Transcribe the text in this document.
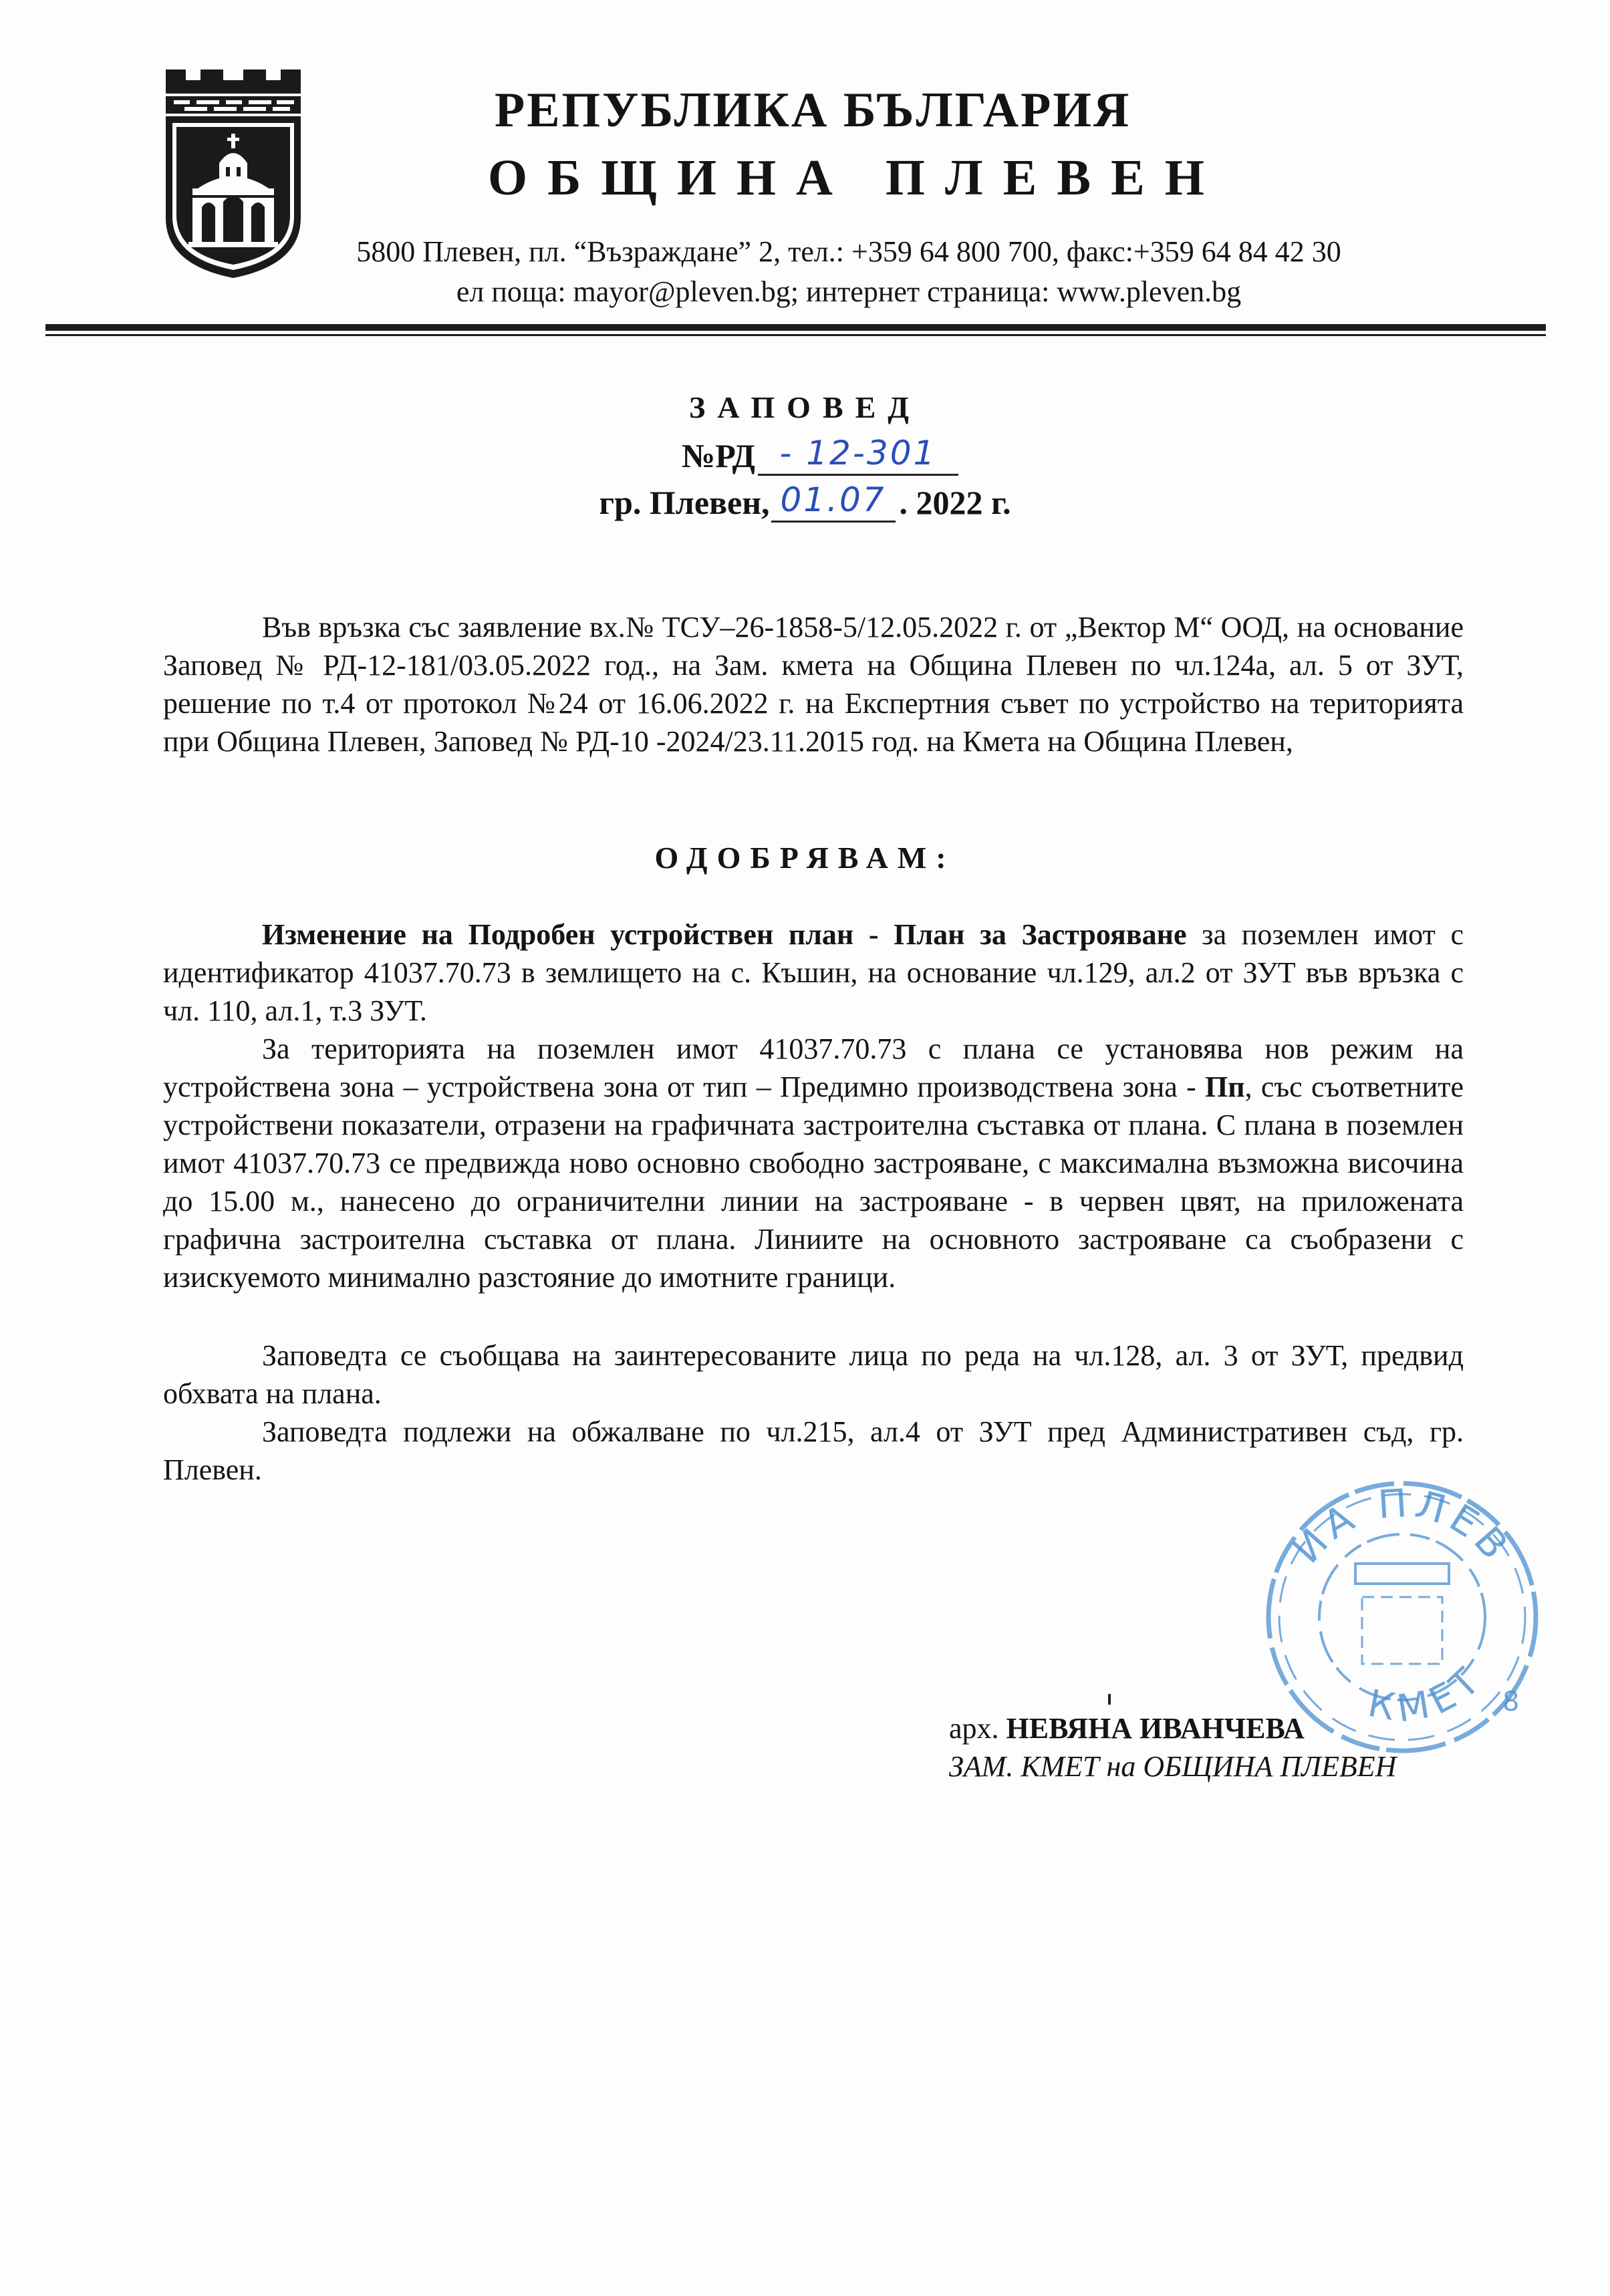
РЕПУБЛИКА БЪЛГАРИЯ
ОБЩИНА ПЛЕВЕН
5800 Плевен, пл. “Възраждане” 2, тел.: +359 64 800 700, факс:+359 64 84 42 30
ел поща: mayor@pleven.bg; интернет страница: www.pleven.bg
ЗАПОВЕД
№РД - 12-301
гр. Плевен, 01.07 . 2022 г.
Във връзка със заявление вх.№ ТСУ–26-1858-5/12.05.2022 г. от „Вектор М“ ООД, на основание Заповед № РД-12-181/03.05.2022 год., на Зам. кмета на Община Плевен по чл.124а, ал. 5 от ЗУТ, решение по т.4 от протокол №24 от 16.06.2022 г. на Експертния съвет по устройство на територията при Община Плевен, Заповед № РД-10 -2024/23.11.2015 год. на Кмета на Община Плевен,
ОДОБРЯВАМ:
Изменение на Подробен устройствен план - План за Застрояване за поземлен имот с идентификатор 41037.70.73 в землището на с. Къшин, на основание чл.129, ал.2 от ЗУТ във връзка с чл. 110, ал.1, т.3 ЗУТ.
За територията на поземлен имот 41037.70.73 с плана се установява нов режим на устройствена зона – устройствена зона от тип – Предимно производствена зона - Пп, със съответните устройствени показатели, отразени на графичната застроителна съставка от плана. С плана в поземлен имот 41037.70.73 се предвижда ново основно свободно застрояване, с максимална възможна височина до 15.00 м., нанесено до ограничителни линии на застрояване - в червен цвят, на приложената графична застроителна съставка от плана. Линиите на основното застрояване са съобразени с изискуемото минимално разстояние до имотните граници.
Заповедта се съобщава на заинтересованите лица по реда на чл.128, ал. 3 от ЗУТ, предвид обхвата на плана.
Заповедта подлежи на обжалване по чл.215, ал.4 от ЗУТ пред Административен съд, гр. Плевен.
ИА ПЛЕВ
КМЕТ 8
арх. НЕВЯНА ИВАНЧЕВА
ЗАМ. КМЕТ на ОБЩИНА ПЛЕВЕН
